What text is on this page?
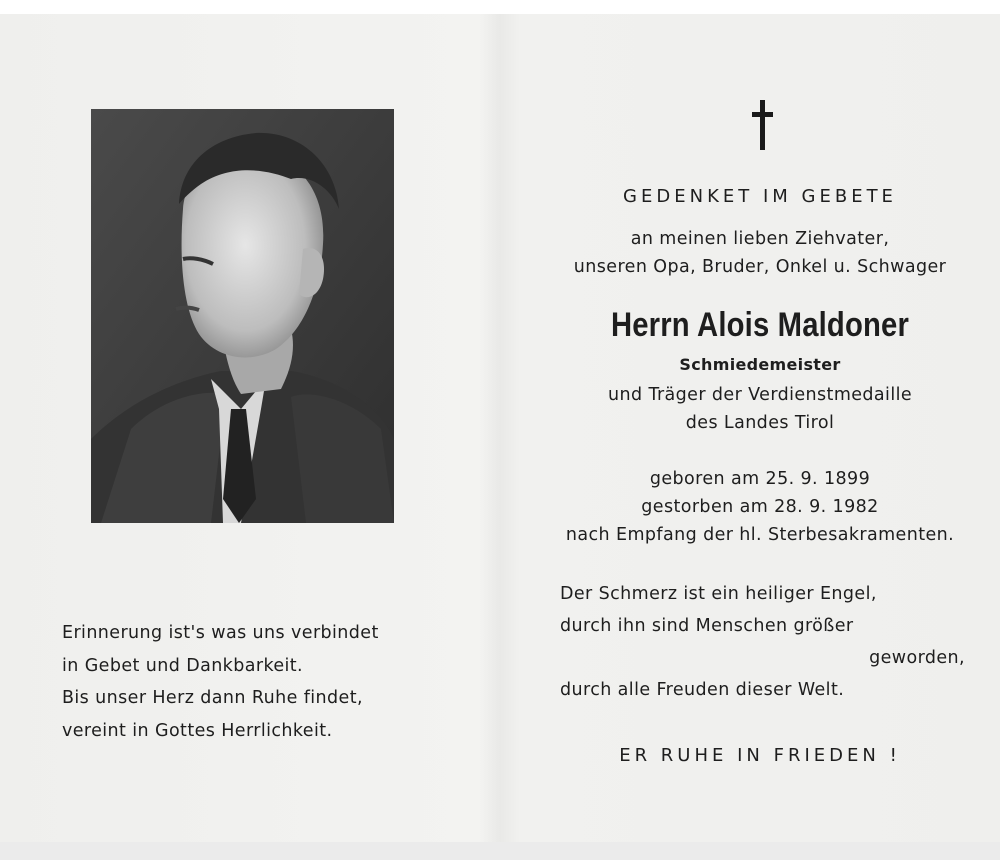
Erinnerung ist's was uns verbindet
in Gebet und Dankbarkeit.
Bis unser Herz dann Ruhe findet,
vereint in Gottes Herrlichkeit.
GEDENKET IM GEBETE
an meinen lieben Ziehvater,
unseren Opa, Bruder, Onkel u. Schwager
Herrn Alois Maldoner
Schmiedemeister
und Träger der Verdienstmedaille
des Landes Tirol
geboren am 25. 9. 1899
gestorben am 28. 9. 1982
nach Empfang der hl. Sterbesakramenten.
Der Schmerz ist ein heiliger Engel,
durch ihn sind Menschen größer
geworden,
durch alle Freuden dieser Welt.
ER RUHE IN FRIEDEN !
